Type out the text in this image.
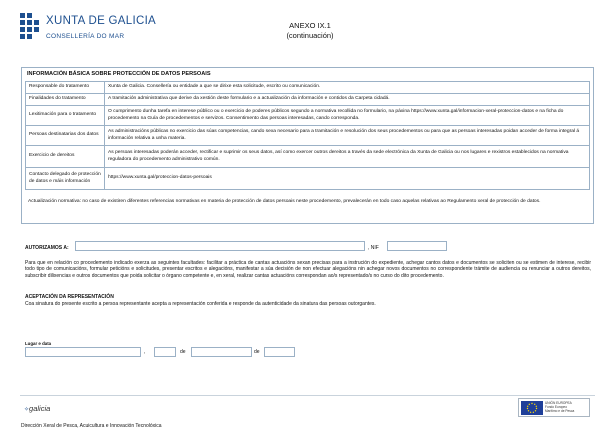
XUNTA DE GALICIA
CONSELLERÍA DO MAR
ANEXO IX.1
(continuación)
INFORMACIÓN BÁSICA SOBRE PROTECCIÓN DE DATOS PERSOAIS
Responsable do tratamento	Xunta de Galicia. Consellería ou entidade a que se dirixe esta solicitude, escrito ou comunicación.
Finalidades do tratamento	A tramitación administrativa que derive da xestión deste formulario e a actualización da información e contidos da Carpeta cidadá.
Lexitimación para o tratamento	O cumprimento dunha tarefa en interese público ou o exercicio de poderes públicos segundo a normativa recollida no formulario, na páxina https://www.xunta.gal/informacion-xeral-proteccion-datos e na ficha do procedemento na Guía de procedementos e servizos. Consentimento das persoas interesadas, cando corresponda.
Persoas destinatarias dos datos	As administracións públicas no exercicio das súas competencias, cando sexa necesario para a tramitación e resolución dos seus procedementos ou para que as persoas interesadas poidan acceder de forma integral á información relativa a unha materia.
Exercicio de dereitos	As persoas interesadas poderán acceder, rectificar e suprimir os seus datos, así como exercer outros dereitos a través da sede electrónica da Xunta de Galicia ou nos lugares e rexistros establecidos na normativa reguladora do procedemento administrativo común.
Contacto delegado de protección de datos e máis información	https://www.xunta.gal/proteccion-datos-persoais
Actualización normativa: no caso de existiren diferentes referencias normativas en materia de protección de datos persoais neste procedemento, prevalecerán en todo caso aquelas relativas ao Regulamento xeral de protección de datos.
AUTORIZAMOS A:	, NIF
Para que en relación co procedemento indicado exerza as seguintes facultades: facilitar a práctica de cantas actuacións sexan precisas para a instrución do expediente, achegar cantos datos e documentos se soliciten ou se estimen de interese, recibir todo tipo de comunicacións, formular peticións e solicitudes, presentar escritos e alegacións, manifestar a súa decisión de non efectuar alegacións nin achegar novos documentos no correspondente trámite de audiencia ou renunciar a outros dereitos, subscribir dilixencias e outros documentos que poida solicitar o órgano competente e, en xeral, realizar cantas actuacións correspondan ao/s representado/s no curso do dito procedemento.
ACEPTACIÓN DA REPRESENTACIÓN
Coa sinatura do presente escrito a persoa representante acepta a representación conferida e responde da autenticidade da sinatura das persoas outorgantes.
Lugar e data
,	de	de
✧galicia
UNIÓN EUROPEA
Fondo Europeo
Marítimo e de Pesca
Dirección Xeral de Pesca, Acuicultura e Innovación Tecnolóxica
